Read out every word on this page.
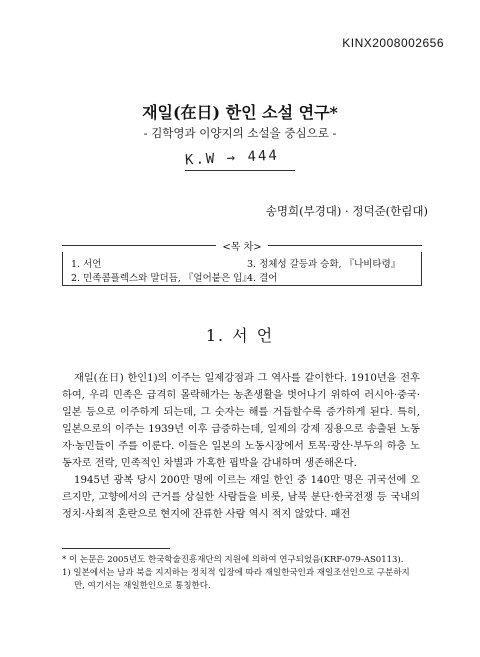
KINX2008002656
재일(在日) 한인 소설 연구*
- 김학영과 이양지의 소설을 중심으로 -
K.W → 444
송명희(부경대) · 정덕준(한림대)
<목 차>
1. 서언	3. 정체성 갈등과 승화, 『나비타령』
2. 민족콤플렉스와 말더듬, 『얼어붙은 입』
4. 결어
1. 서 언

재일(在日) 한인1)의 이주는 일제강점과 그 역사를 같이한다. 1910년을 전후하여, 우리 민족은 급격히 몰락해가는 농촌생활을 벗어나기 위하여 러시아·중국·일본 등으로 이주하게 되는데, 그 숫자는 해를 거듭할수록 증가하게 된다. 특히, 일본으로의 이주는 1939년 이후 급증하는데, 일제의 강제 징용으로 송출된 노동자·농민들이 주를 이룬다. 이들은 일본의 노동시장에서 토목·광산·부두의 하층 노동자로 전락, 민족적인 차별과 가혹한 핍박을 감내하며 생존해온다.

1945년 광복 당시 200만 명에 이르는 재일 한인 중 140만 명은 귀국선에 오르지만, 고향에서의 근거를 상실한 사람들을 비롯, 남북 분단·한국전쟁 등 국내의 정치·사회적 혼란으로 현지에 잔류한 사람 역시 적지 않았다. 패전

* 이 논문은 2005년도 한국학술진흥재단의 지원에 의하여 연구되었음(KRF-079-AS0113).

1) 일본에서는 남과 북을 지지하는 정치적 입장에 따라 재일한국인과 재일조선인으로 구분하지만, 여기서는 재일한인으로 통칭한다.
